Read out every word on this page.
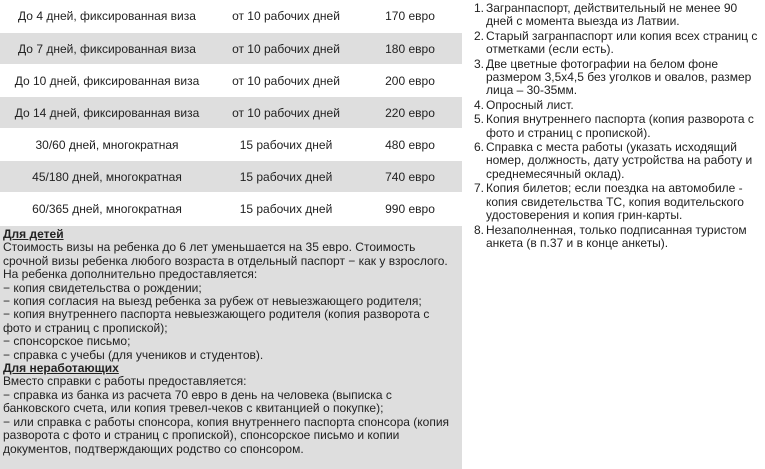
До 4 дней, фиксированная виза	от 10 рабочих дней	170 евро
До 7 дней, фиксированная виза	от 10 рабочих дней	180 евро
До 10 дней, фиксированная виза	от 10 рабочих дней	200 евро
До 14 дней, фиксированная виза	от 10 рабочих дней	220 евро
30/60 дней, многократная	15 рабочих дней	480 евро
45/180 дней, многократная	15 рабочих дней	740 евро
60/365 дней, многократная	15 рабочих дней	990 евро

Для детей

Стоимость визы на ребенка до 6 лет уменьшается на 35 евро. Стоимость срочной визы ребенка любого возраста в отдельный паспорт − как у взрослого.

На ребенка дополнительно предоставляется:

− копия свидетельства о рождении;

− копия согласия на выезд ребенка за рубеж от невыезжающего родителя;

− копия внутреннего паспорта невыезжающего родителя (копия разворота с фото и страниц с пропиской);

− спонсорское письмо;

− справка с учебы (для учеников и студентов).

Для неработающих

Вместо справки с работы предоставляется:

− справка из банка из расчета 70 евро в день на человека (выписка с банковского счета, или копия тревел-чеков с квитанцией о покупке);

− или справка с работы спонсора, копия внутреннего паспорта спонсора (копия разворота с фото и страниц с пропиской), спонсорское письмо и копии документов, подтверждающих родство со спонсором.

1. Загранпаспорт, действительный не менее 90 дней с момента выезда из Латвии.
2. Старый загранпаспорт или копия всех страниц с отметками (если есть).
3. Две цветные фотографии на белом фоне размером 3,5х4,5 без уголков и овалов, размер лица – 30-35мм.
4. Опросный лист.
5. Копия внутреннего паспорта (копия разворота с фото и страниц с пропиской).
6. Справка с места работы (указать исходящий номер, должность, дату устройства на работу и среднемесячный оклад).
7. Копия билетов; если поездка на автомобиле - копия свидетельства ТС, копия водительского удостоверения и копия грин-карты.
8. Незаполненная, только подписанная туристом анкета (в п.37 и в конце анкеты).
